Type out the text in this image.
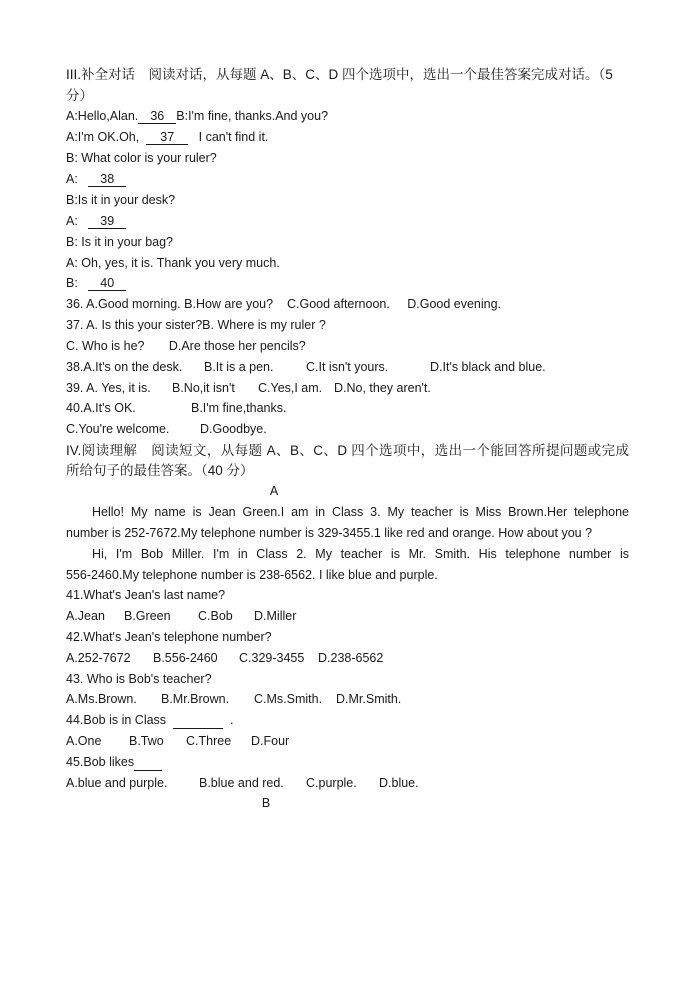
III.补全对话　阅读对话，从每题 A、B、C、D 四个选项中，选出一个最佳答案完成对话。（5
分）
A:Hello,Alan. 36 B:I'm fine, thanks.And you?
A:I'm OK.Oh, 37 I can't find it.
B: What color is your ruler?
A: 38
B:Is it in your desk?
A: 39
B: Is it in your bag?
A: Oh, yes, it is. Thank you very much.
B: 40
36. A.Good morning. B.How are you? C.Good afternoon. D.Good evening.
37. A. Is this your sister?B. Where is my ruler ?
C. Who is he? D.Are those her pencils?
38.A.It's on the desk. B.It is a pen.	C.It isn't yours.	D.It's black and blue.
39. A. Yes, it is. B.No,it isn't C.Yes,I am. D.No, they aren't.
40.A.It's OK.	B.I'm fine,thanks.
C.You're welcome. D.Goodbye.
IV.阅读理解　阅读短文，从每题 A、B、C、D 四个选项中，选出一个能回答所提问题或完成
所给句子的最佳答案。（40 分）
A
Hello! My name is Jean Green.I am in Class 3. My teacher is Miss Brown.Her telephone
number is 252-7672.My telephone number is 329-3455.1 like red and orange. How about you ?
Hi, I'm Bob Miller. I'm in Class 2. My teacher is Mr. Smith. His telephone number is
556-2460.My telephone number is 238-6562. I like blue and purple.
41.What's Jean's last name?
A.Jean B.Green C.Bob D.Miller
42.What's Jean's telephone number?
A.252-7672 B.556-2460 C.329-3455 D.238-6562
43. Who is Bob's teacher?
A.Ms.Brown. B.Mr.Brown. C.Ms.Smith. D.Mr.Smith.
44.Bob is in Class	.
A.One B.Two C.Three D.Four
45.Bob likes
A.blue and purple.	B.blue and red. C.purple. D.blue.
B
